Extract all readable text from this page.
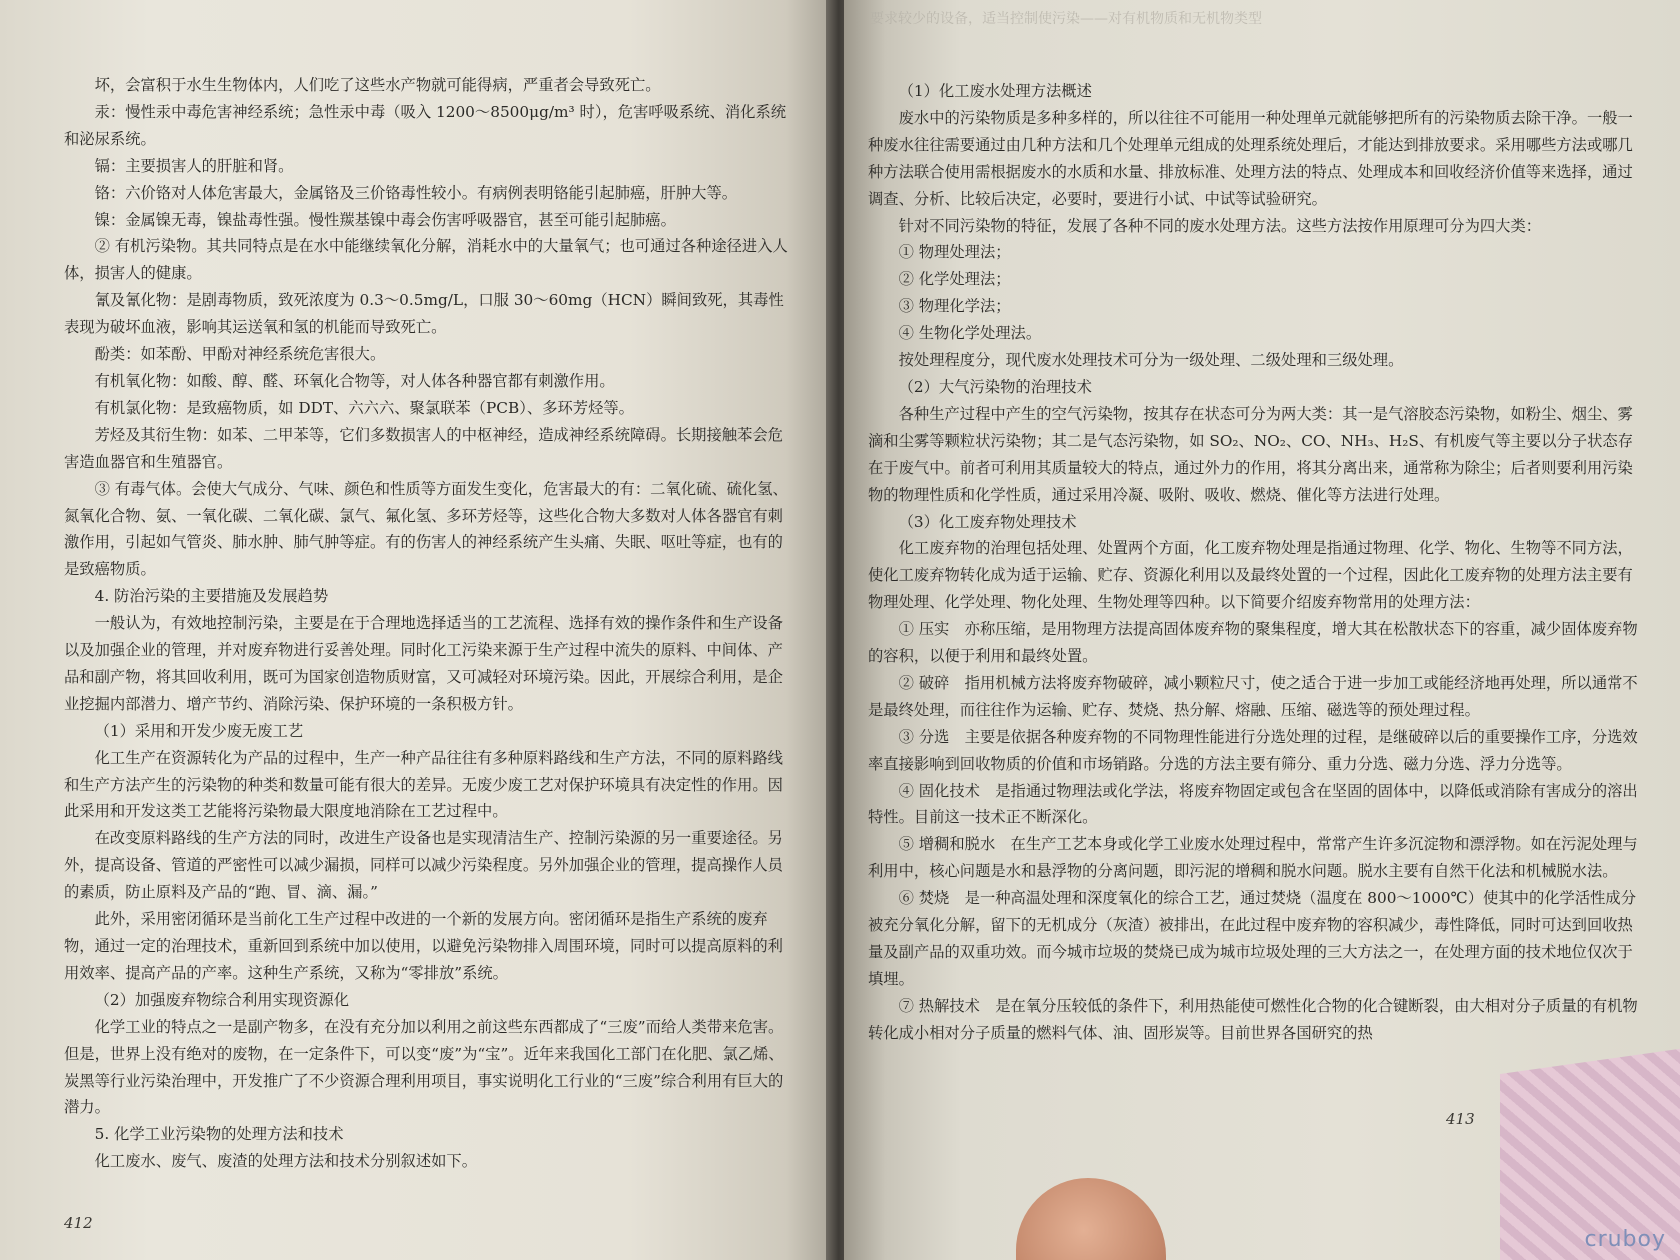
坏，会富积于水生生物体内，人们吃了这些水产物就可能得病，严重者会导致死亡。

汞：慢性汞中毒危害神经系统；急性汞中毒（吸入 1200～8500μg/m³ 时），危害呼吸系统、消化系统和泌尿系统。

镉：主要损害人的肝脏和肾。

铬：六价铬对人体危害最大，金属铬及三价铬毒性较小。有病例表明铬能引起肺癌，肝肿大等。

镍：金属镍无毒，镍盐毒性强。慢性羰基镍中毒会伤害呼吸器官，甚至可能引起肺癌。

② 有机污染物。其共同特点是在水中能继续氧化分解，消耗水中的大量氧气；也可通过各种途径进入人体，损害人的健康。

氰及氰化物：是剧毒物质，致死浓度为 0.3～0.5mg/L，口服 30～60mg（HCN）瞬间致死，其毒性表现为破坏血液，影响其运送氧和氢的机能而导致死亡。

酚类：如苯酚、甲酚对神经系统危害很大。

有机氧化物：如酸、醇、醛、环氧化合物等，对人体各种器官都有刺激作用。

有机氯化物：是致癌物质，如 DDT、六六六、聚氯联苯（PCB）、多环芳烃等。

芳烃及其衍生物：如苯、二甲苯等，它们多数损害人的中枢神经，造成神经系统障碍。长期接触苯会危害造血器官和生殖器官。

③ 有毒气体。会使大气成分、气味、颜色和性质等方面发生变化，危害最大的有：二氧化硫、硫化氢、氮氧化合物、氨、一氧化碳、二氧化碳、氯气、氟化氢、多环芳烃等，这些化合物大多数对人体各器官有刺激作用，引起如气管炎、肺水肿、肺气肿等症。有的伤害人的神经系统产生头痛、失眠、呕吐等症，也有的是致癌物质。

4. 防治污染的主要措施及发展趋势

一般认为，有效地控制污染，主要是在于合理地选择适当的工艺流程、选择有效的操作条件和生产设备以及加强企业的管理，并对废弃物进行妥善处理。同时化工污染来源于生产过程中流失的原料、中间体、产品和副产物，将其回收利用，既可为国家创造物质财富，又可减轻对环境污染。因此，开展综合利用，是企业挖掘内部潜力、增产节约、消除污染、保护环境的一条积极方针。

（1）采用和开发少废无废工艺

化工生产在资源转化为产品的过程中，生产一种产品往往有多种原料路线和生产方法，不同的原料路线和生产方法产生的污染物的种类和数量可能有很大的差异。无废少废工艺对保护环境具有决定性的作用。因此采用和开发这类工艺能将污染物最大限度地消除在工艺过程中。

在改变原料路线的生产方法的同时，改进生产设备也是实现清洁生产、控制污染源的另一重要途径。另外，提高设备、管道的严密性可以减少漏损，同样可以减少污染程度。另外加强企业的管理，提高操作人员的素质，防止原料及产品的“跑、冒、滴、漏。”

此外，采用密闭循环是当前化工生产过程中改进的一个新的发展方向。密闭循环是指生产系统的废弃物，通过一定的治理技术，重新回到系统中加以使用，以避免污染物排入周围环境，同时可以提高原料的利用效率、提高产品的产率。这种生产系统，又称为“零排放”系统。

（2）加强废弃物综合利用实现资源化

化学工业的特点之一是副产物多，在没有充分加以利用之前这些东西都成了“三废”而给人类带来危害。但是，世界上没有绝对的废物，在一定条件下，可以变“废”为“宝”。近年来我国化工部门在化肥、氯乙烯、炭黑等行业污染治理中，开发推广了不少资源合理利用项目，事实说明化工行业的“三废”综合利用有巨大的潜力。

5. 化学工业污染物的处理方法和技术

化工废水、废气、废渣的处理方法和技术分别叙述如下。

412

（1）化工废水处理方法概述

废水中的污染物质是多种多样的，所以往往不可能用一种处理单元就能够把所有的污染物质去除干净。一般一种废水往往需要通过由几种方法和几个处理单元组成的处理系统处理后，才能达到排放要求。采用哪些方法或哪几种方法联合使用需根据废水的水质和水量、排放标准、处理方法的特点、处理成本和回收经济价值等来选择，通过调查、分析、比较后决定，必要时，要进行小试、中试等试验研究。

针对不同污染物的特征，发展了各种不同的废水处理方法。这些方法按作用原理可分为四大类：

① 物理处理法；

② 化学处理法；

③ 物理化学法；

④ 生物化学处理法。

按处理程度分，现代废水处理技术可分为一级处理、二级处理和三级处理。

（2）大气污染物的治理技术

各种生产过程中产生的空气污染物，按其存在状态可分为两大类：其一是气溶胶态污染物，如粉尘、烟尘、雾滴和尘雾等颗粒状污染物；其二是气态污染物，如 SO₂、NO₂、CO、NH₃、H₂S、有机废气等主要以分子状态存在于废气中。前者可利用其质量较大的特点，通过外力的作用，将其分离出来，通常称为除尘；后者则要利用污染物的物理性质和化学性质，通过采用冷凝、吸附、吸收、燃烧、催化等方法进行处理。

（3）化工废弃物处理技术

化工废弃物的治理包括处理、处置两个方面，化工废弃物处理是指通过物理、化学、物化、生物等不同方法，使化工废弃物转化成为适于运输、贮存、资源化利用以及最终处置的一个过程，因此化工废弃物的处理方法主要有物理处理、化学处理、物化处理、生物处理等四种。以下简要介绍废弃物常用的处理方法：

① 压实　亦称压缩，是用物理方法提高固体废弃物的聚集程度，增大其在松散状态下的容重，减少固体废弃物的容积，以便于利用和最终处置。

② 破碎　指用机械方法将废弃物破碎，减小颗粒尺寸，使之适合于进一步加工或能经济地再处理，所以通常不是最终处理，而往往作为运输、贮存、焚烧、热分解、熔融、压缩、磁选等的预处理过程。

③ 分选　主要是依据各种废弃物的不同物理性能进行分选处理的过程，是继破碎以后的重要操作工序，分选效率直接影响到回收物质的价值和市场销路。分选的方法主要有筛分、重力分选、磁力分选、浮力分选等。

④ 固化技术　是指通过物理法或化学法，将废弃物固定或包含在坚固的固体中，以降低或消除有害成分的溶出特性。目前这一技术正不断深化。

⑤ 增稠和脱水　在生产工艺本身或化学工业废水处理过程中，常常产生许多沉淀物和漂浮物。如在污泥处理与利用中，核心问题是水和悬浮物的分离问题，即污泥的增稠和脱水问题。脱水主要有自然干化法和机械脱水法。

⑥ 焚烧　是一种高温处理和深度氧化的综合工艺，通过焚烧（温度在 800～1000℃）使其中的化学活性成分被充分氧化分解，留下的无机成分（灰渣）被排出，在此过程中废弃物的容积减少，毒性降低，同时可达到回收热量及副产品的双重功效。而今城市垃圾的焚烧已成为城市垃圾处理的三大方法之一，在处理方面的技术地位仅次于填埋。

⑦ 热解技术　是在氧分压较低的条件下，利用热能使可燃性化合物的化合键断裂，由大相对分子质量的有机物转化成小相对分子质量的燃料气体、油、固形炭等。目前世界各国研究的热

413
要求较少的设备，适当控制使污染——对有机物质和无机物类型
cruboy
